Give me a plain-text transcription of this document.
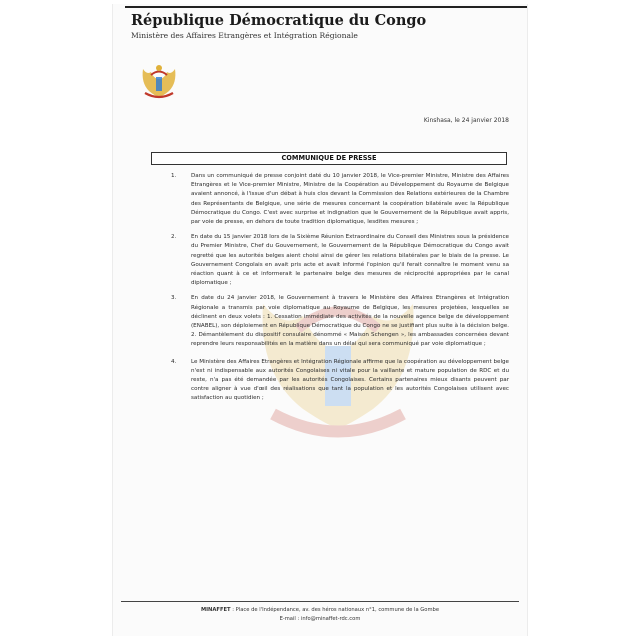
République Démocratique du Congo
Ministère des Affaires Etrangères et Intégration Régionale
Kinshasa, le 24 janvier 2018
COMMUNIQUE DE PRESSE
1.	Dans un communiqué de presse conjoint daté du 10 janvier 2018, le Vice-premier Ministre, Ministre des Affaires Etrangères et le Vice-premier Ministre, Ministre de la Coopération au Développement du Royaume de Belgique avaient annoncé, à l'issue d'un débat à huis clos devant la Commission des Relations extérieures de la Chambre des Représentants de Belgique, une série de mesures concernant la coopération bilatérale avec la République Démocratique du Congo. C'est avec surprise et indignation que le Gouvernement de la République avait appris, par voie de presse, en dehors de toute tradition diplomatique, lesdites mesures ;
2.	En date du 15 janvier 2018 lors de la Sixième Réunion Extraordinaire du Conseil des Ministres sous la présidence du Premier Ministre, Chef du Gouvernement, le Gouvernement de la République Démocratique du Congo avait regretté que les autorités belges aient choisi ainsi de gérer les relations bilatérales par le biais de la presse. Le Gouvernement Congolais en avait pris acte et avait informé l'opinion qu'il ferait connaître le moment venu sa réaction quant à ce et informerait le partenaire belge des mesures de réciprocité appropriées par le canal diplomatique ;
3.	En date du 24 janvier 2018, le Gouvernement à travers le Ministère des Affaires Etrangères et Intégration Régionale a transmis par voie diplomatique au Royaume de Belgique, les mesures projetées, lesquelles se déclinent en deux volets : 1. Cessation immédiate des activités de la nouvelle agence belge de développement (ENABEL), son déploiement en République Démocratique du Congo ne se justifiant plus suite à la décision belge. 2. Démantèlement du dispositif consulaire dénommé « Maison Schengen », les ambassades concernées devant reprendre leurs responsabilités en la matière dans un délai qui sera communiqué par voie diplomatique ;
4.	Le Ministère des Affaires Etrangères et Intégration Régionale affirme que la coopération au développement belge n'est ni indispensable aux autorités Congolaises ni vitale pour la vaillante et mature population de RDC et du reste, n'a pas été demandée par les autorités Congolaises. Certains partenaires mieux disants peuvent par contre aligner à vue d'œil des réalisations que tant la population et les autorités Congolaises utilisent avec satisfaction au quotidien ;
MINAFFET : Place de l'Indépendance, av. des héros nationaux n°1, commune de la Gombe
E-mail : info@minaffet-rdc.com
